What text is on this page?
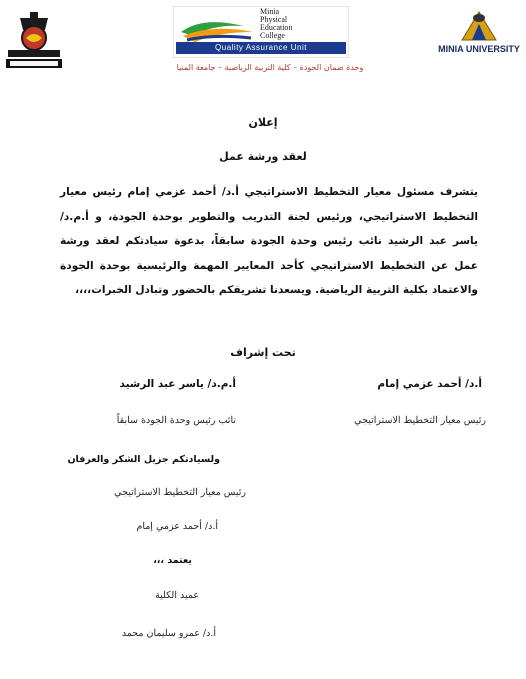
Minia
Physical
Education
College
Quality Assurance Unit	MINIA UNIVERSITY
وحدة ضمان الجودة – كلية التربية الرياضية – جامعة المنيا
إعلان
لعقد ورشة عمل
يتشرف مسئول معيار التخطيط الاستراتيجي أ.د/ أحمد عزمي إمام رئيس معيار التخطيط الاستراتيجي، ورئيس لجنة التدريب والتطوير بوحدة الجودة، و أ.م.د/ ياسر عبد الرشيد نائب رئيس وحدة الجودة سابقاً، بدعوة سيادتكم لعقد ورشة عمل عن التخطيط الاستراتيجي كأحد المعايير المهمة والرئيسية بوحدة الجودة والاعتماد بكلية التربية الرياضية. ويسعدنا تشريفكم بالحضور وتبادل الخبرات،،،،
تحت إشراف
أ.د/ أحمد عزمي إمام
رئيس معيار التخطيط الاستراتيجي
أ.م.د/ ياسر عبد الرشيد
نائب رئيس وحدة الجودة سابقاً
ولسيادتكم جزيل الشكر والعرفان
رئيس معيار التخطيط الاستراتيجي
أ.د/ أحمد عزمي إمام
يعتمد ،،،
عميد الكلية
أ.د/ عمرو سليمان محمد
